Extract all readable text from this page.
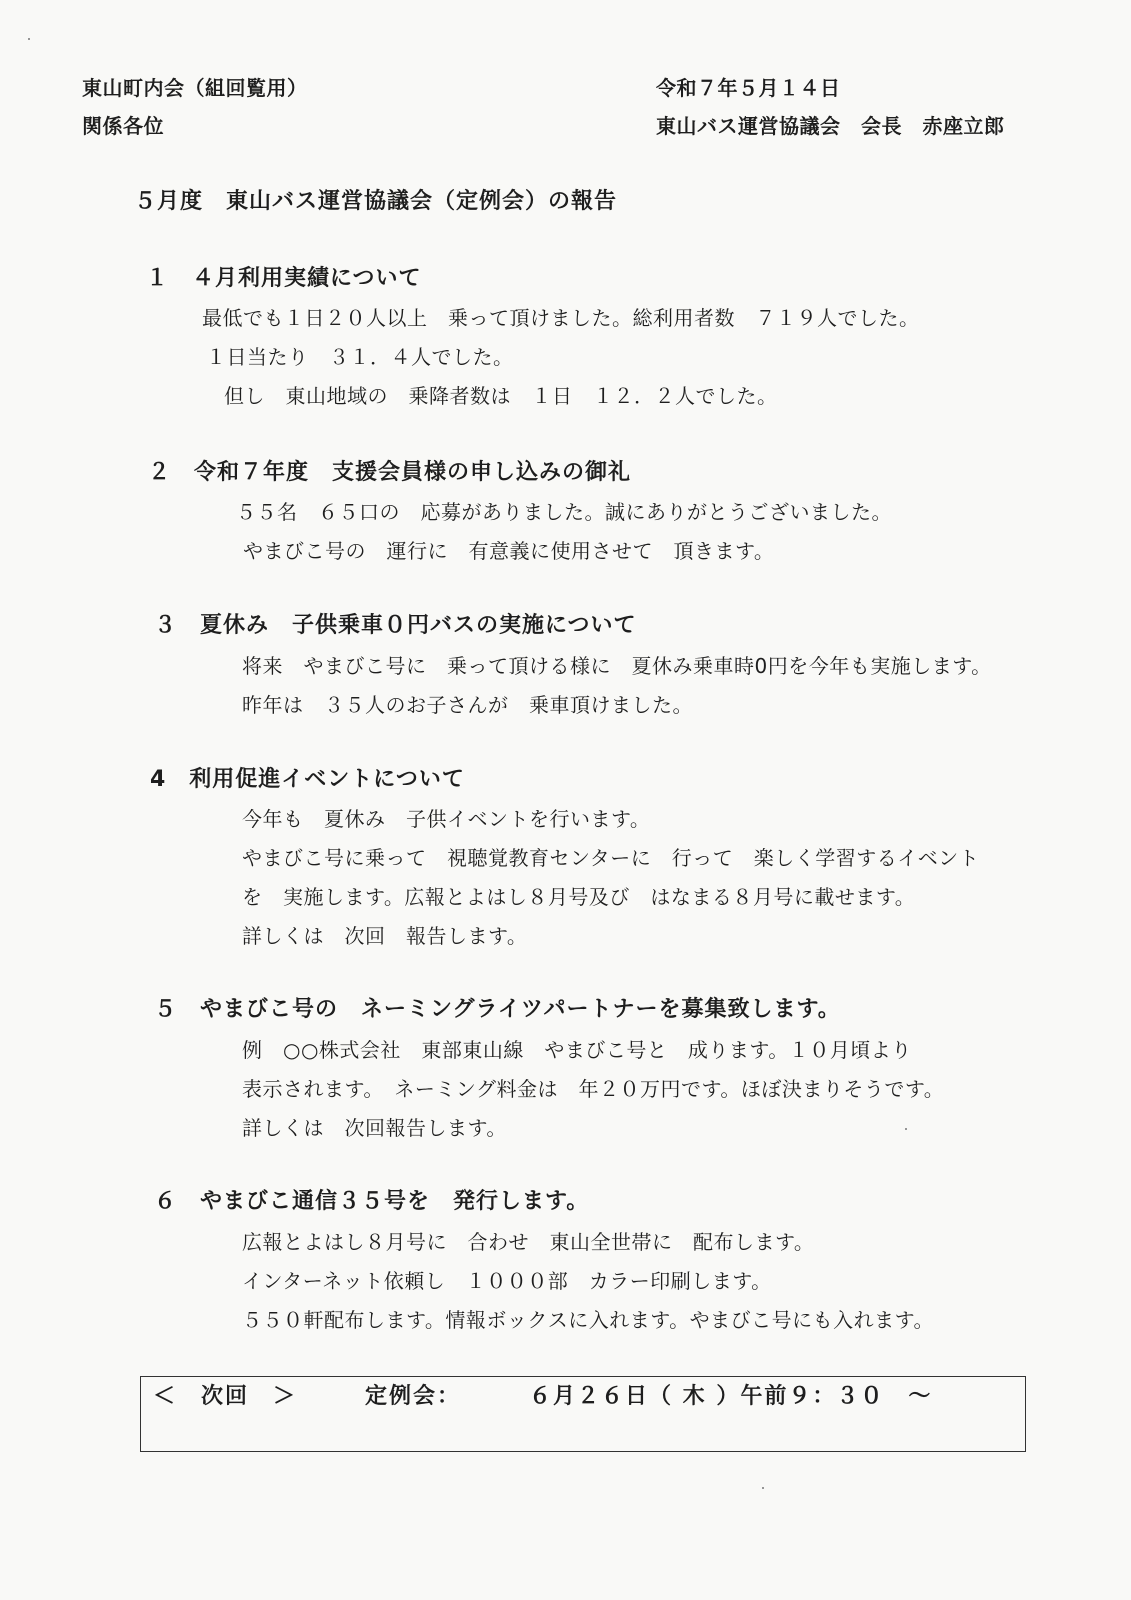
東山町内会（組回覧用）
関係各位
令和７年５月１４日
東山バス運営協議会　会長　赤座立郎
５月度　東山バス運営協議会（定例会）の報告
１　４月利用実績について
最低でも１日２０人以上　乗って頂けました。総利用者数　７１９人でした。
１日当たり　３１．４人でした。
但し　東山地域の　乗降者数は　１日　１２．２人でした。
２　令和７年度　支援会員様の申し込みの御礼
５５名　６５口の　応募がありました。誠にありがとうございました。
やまびこ号の　運行に　有意義に使用させて　頂きます。
３　夏休み　子供乗車０円バスの実施について
将来　やまびこ号に　乗って頂ける様に　夏休み乗車時0円を今年も実施します。
昨年は　３５人のお子さんが　乗車頂けました。
4　利用促進イベントについて
今年も　夏休み　子供イベントを行います。
やまびこ号に乗って　視聴覚教育センターに　行って　楽しく学習するイベント
を　実施します。広報とよはし８月号及び　はなまる８月号に載せます。
詳しくは　次回　報告します。
５　やまびこ号の　ネーミングライツパートナーを募集致します。
例　○○株式会社　東部東山線　やまびこ号と　成ります。１０月頃より
表示されます。　ネーミング料金は　年２０万円です。ほぼ決まりそうです。
詳しくは　次回報告します。
６　やまびこ通信３５号を　発行します。
広報とよはし８月号に　合わせ　東山全世帯に　配布します。
インターネット依頼し　１０００部　カラー印刷します。
５５０軒配布します。情報ボックスに入れます。やまびこ号にも入れます。
＜　次回　＞	定例会：	６月２６日（ 木 ）午前９：３０　～
